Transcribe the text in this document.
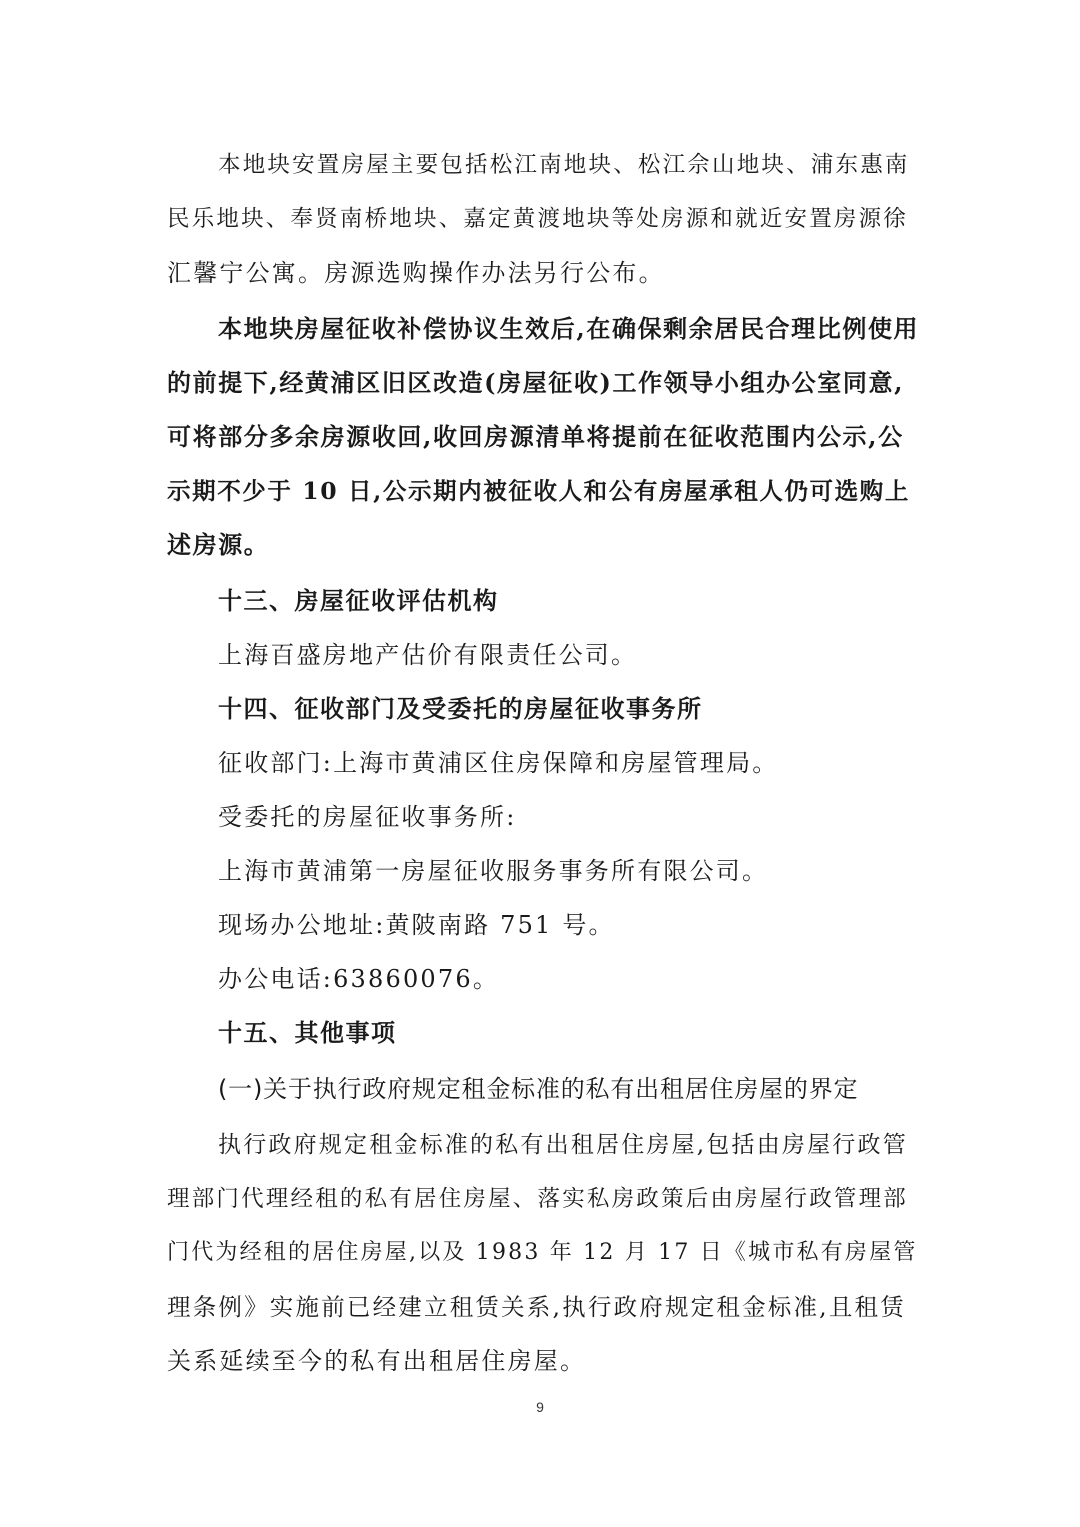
本地块安置房屋主要包括松江南地块、松江佘山地块、浦东惠南
民乐地块、奉贤南桥地块、嘉定黄渡地块等处房源和就近安置房源徐
汇馨宁公寓。房源选购操作办法另行公布。
本地块房屋征收补偿协议生效后,在确保剩余居民合理比例使用
的前提下,经黄浦区旧区改造(房屋征收)工作领导小组办公室同意,
可将部分多余房源收回,收回房源清单将提前在征收范围内公示,公
示期不少于 10 日,公示期内被征收人和公有房屋承租人仍可选购上
述房源。
十三、房屋征收评估机构
上海百盛房地产估价有限责任公司。
十四、征收部门及受委托的房屋征收事务所
征收部门:上海市黄浦区住房保障和房屋管理局。
受委托的房屋征收事务所:
上海市黄浦第一房屋征收服务事务所有限公司。
现场办公地址:黄陂南路 751 号。
办公电话:63860076。
十五、其他事项
(一)关于执行政府规定租金标准的私有出租居住房屋的界定
执行政府规定租金标准的私有出租居住房屋,包括由房屋行政管
理部门代理经租的私有居住房屋、落实私房政策后由房屋行政管理部
门代为经租的居住房屋,以及 1983 年 12 月 17 日《城市私有房屋管
理条例》实施前已经建立租赁关系,执行政府规定租金标准,且租赁
关系延续至今的私有出租居住房屋。
9
